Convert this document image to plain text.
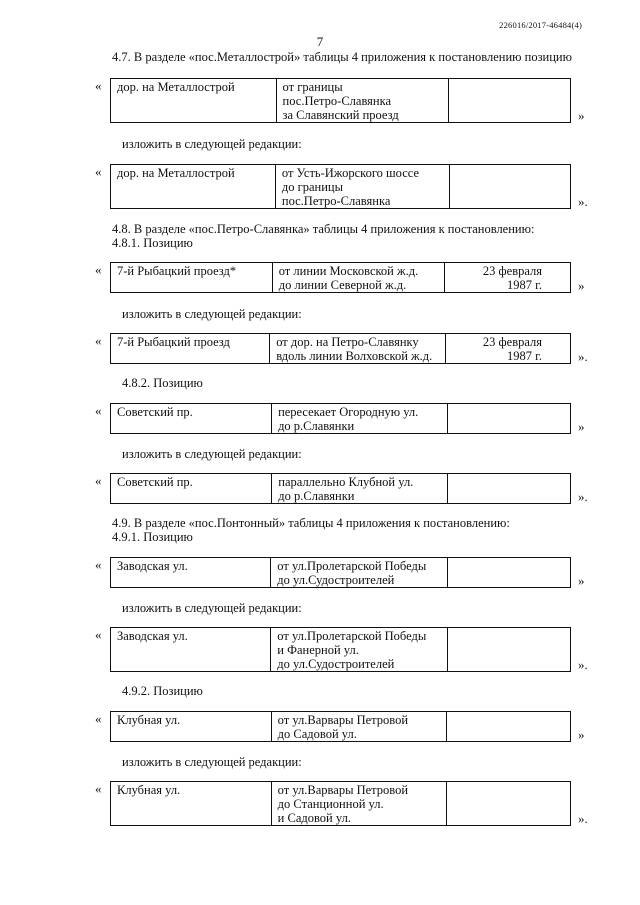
226016/2017-46484(4)
7
4.7. В разделе «пос.Металлострой» таблицы 4 приложения к постановлению позицию
« дор. на Металлострой	от границы
пос.Петро-Славянка
за Славянский проезд
		»
изложить в следующей редакции:
« дор. на Металлострой	от Усть-Ижорского шоссе
до границы
пос.Петро-Славянка
		».
4.8. В разделе «пос.Петро-Славянка» таблицы 4 приложения к постановлению:
4.8.1. Позицию
« 7-й Рыбацкий проезд*	от линии Московской ж.д.
до линии Северной ж.д.

23 февраля
1987 г.	»
изложить в следующей редакции:
« 7-й Рыбацкий проезд	от дор. на Петро-Славянку
вдоль линии Волховской ж.д.

23 февраля
1987 г.	».
4.8.2. Позицию
« Советский пр.	пересекает Огородную ул.
до р.Славянки
		»
изложить в следующей редакции:
« Советский пр.	параллельно Клубной ул.
до р.Славянки
		».
4.9. В разделе «пос.Понтонный» таблицы 4 приложения к постановлению:
4.9.1. Позицию
« Заводская ул.	от ул.Пролетарской Победы
до ул.Судостроителей
		»
изложить в следующей редакции:
« Заводская ул.	от ул.Пролетарской Победы
и Фанерной ул.
до ул.Судостроителей
		».
4.9.2. Позицию
« Клубная ул.	от ул.Варвары Петровой
до Садовой ул.
		»
изложить в следующей редакции:
« Клубная ул.	от ул.Варвары Петровой
до Станционной ул.
и Садовой ул.
		».
